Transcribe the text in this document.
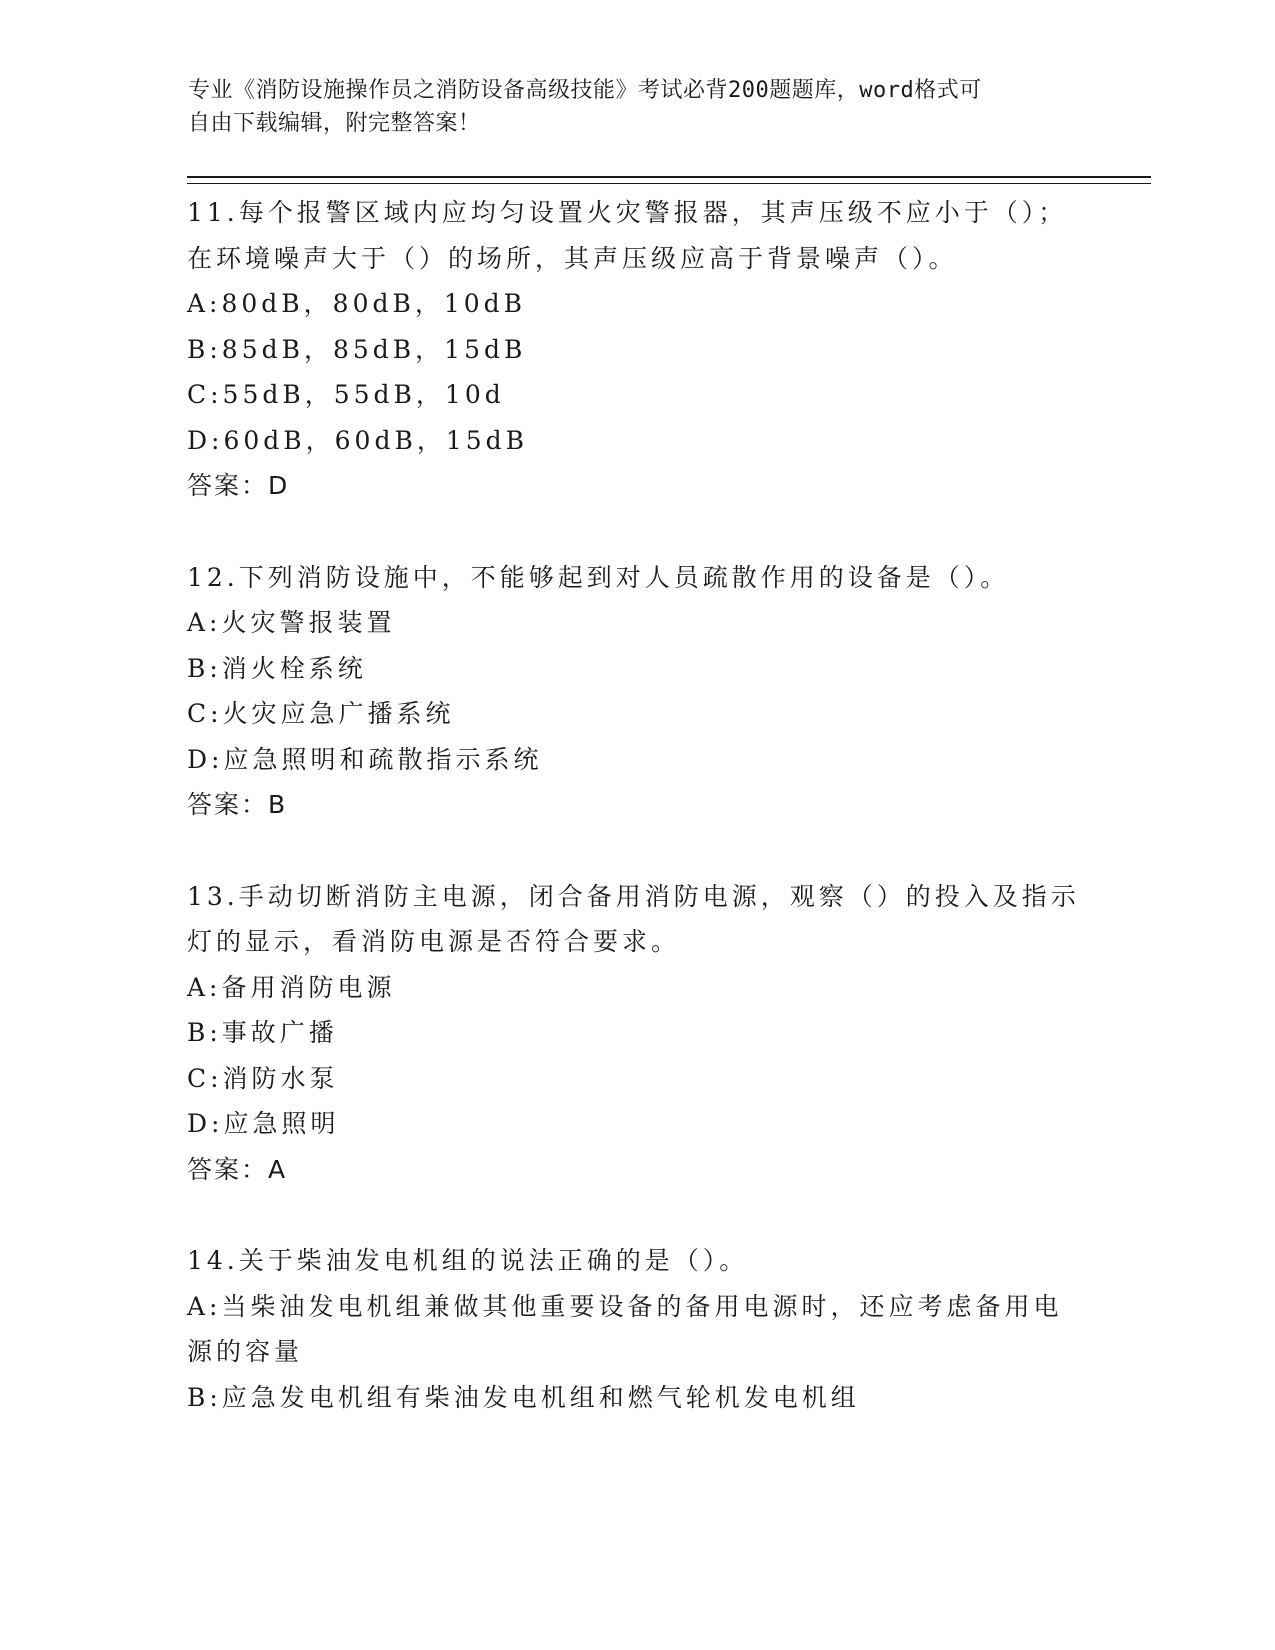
专业《消防设施操作员之消防设备高级技能》考试必背200题题库，word格式可
自由下载编辑，附完整答案！
11.每个报警区域内应均匀设置火灾警报器，其声压级不应小于（）；
在环境噪声大于（）的场所，其声压级应高于背景噪声（）。
A:80dB，80dB，10dB
B:85dB，85dB，15dB
C:55dB，55dB，10d
D:60dB，60dB，15dB
答案：D
12.下列消防设施中，不能够起到对人员疏散作用的设备是（）。
A:火灾警报装置
B:消火栓系统
C:火灾应急广播系统
D:应急照明和疏散指示系统
答案：B
13.手动切断消防主电源，闭合备用消防电源，观察（）的投入及指示
灯的显示，看消防电源是否符合要求。
A:备用消防电源
B:事故广播
C:消防水泵
D:应急照明
答案：A
14.关于柴油发电机组的说法正确的是（）。
A:当柴油发电机组兼做其他重要设备的备用电源时，还应考虑备用电
源的容量
B:应急发电机组有柴油发电机组和燃气轮机发电机组
